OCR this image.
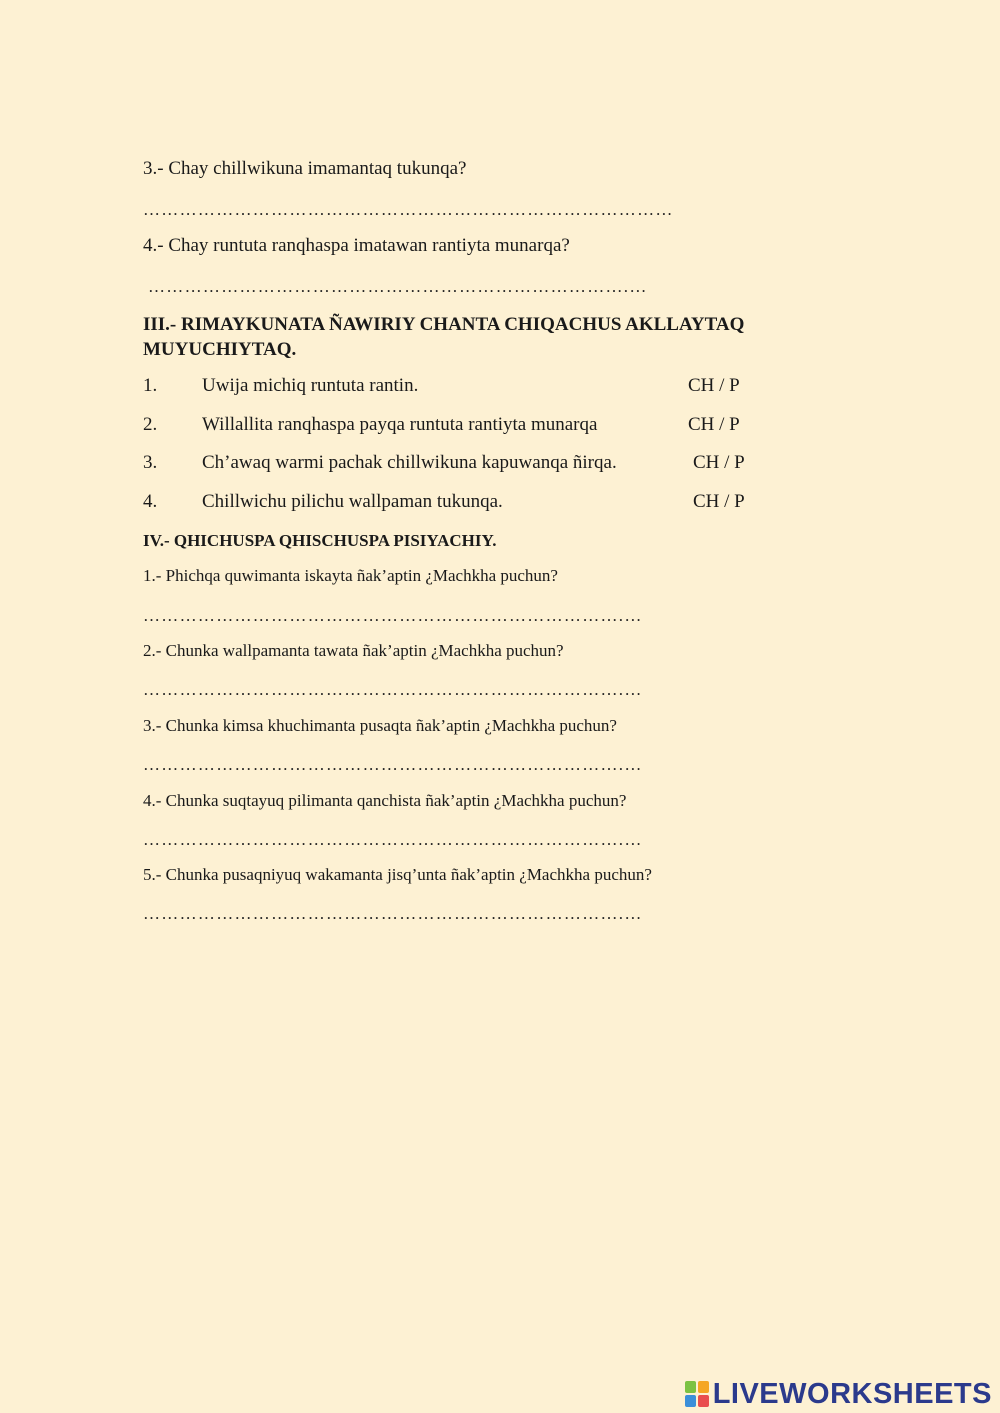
3.- Chay chillwikuna imamantaq tukunqa?
……………………………………………………………………………
4.- Chay runtuta ranqhaspa imatawan rantiyta munarqa?
…………………………………………………………………….…
III.- RIMAYKUNATA ÑAWIRIY CHANTA CHIQACHUS AKLLAYTAQ MUYUCHIYTAQ.
1. Uwija michiq runtuta rantin.	CH / P
2. Willallita ranqhaspa payqa runtuta rantiyta munarqa	CH / P
3. Ch’awaq warmi pachak chillwikuna kapuwanqa ñirqa.	CH / P
4. Chillwichu pilichu wallpaman tukunqa.	CH / P
IV.- QHICHUSPA QHISCHUSPA PISIYACHIY.
1.- Phichqa quwimanta iskayta ñak’aptin ¿Machkha puchun?
…………………………………………………………………….…
2.- Chunka wallpamanta tawata ñak’aptin ¿Machkha puchun?
…………………………………………………………………….…
3.- Chunka kimsa khuchimanta pusaqta ñak’aptin ¿Machkha puchun?
…………………………………………………………………….…
4.- Chunka suqtayuq pilimanta qanchista ñak’aptin ¿Machkha puchun?
…………………………………………………………………….…
5.- Chunka pusaqniyuq wakamanta jisq’unta ñak’aptin ¿Machkha puchun?
…………………………………………………………………….…
LIVEWORKSHEETS
